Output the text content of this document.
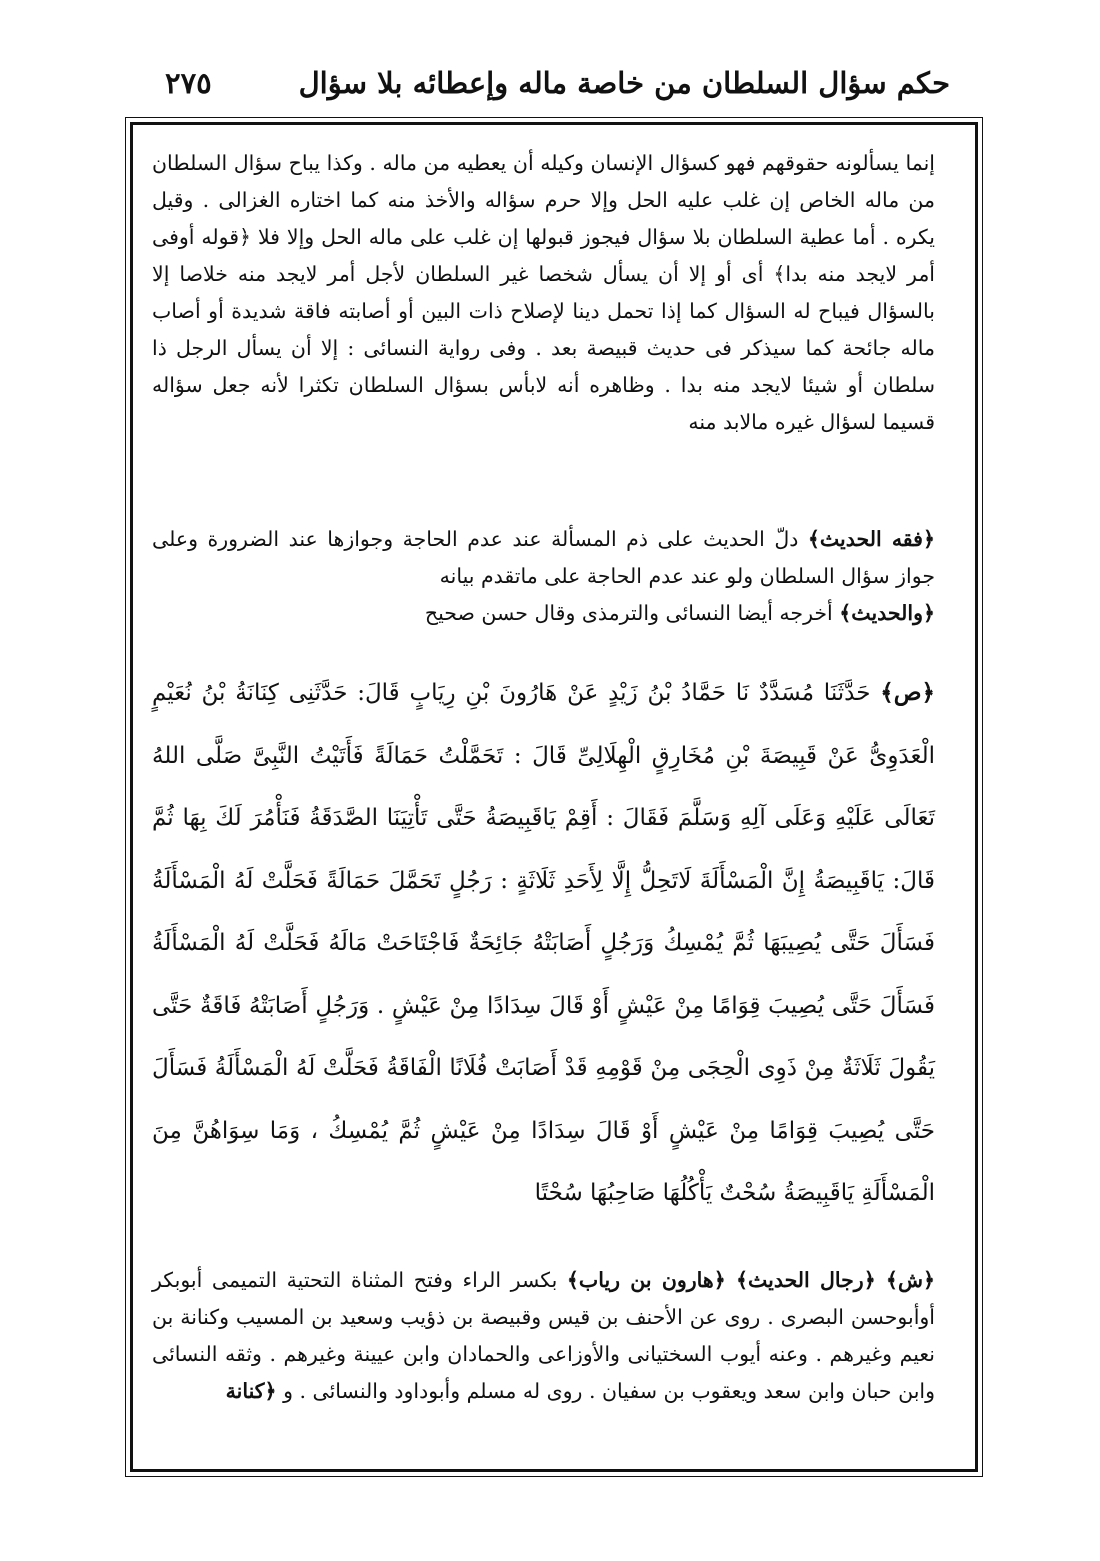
حكم سؤال السلطان من خاصة ماله وإعطائه بلا سؤال
٢٧٥

إنما يسألونه حقوقهم فهو كسؤال الإنسان وكيله أن يعطيه من ماله . وكذا يباح سؤال السلطان من ماله الخاص إن غلب عليه الحل وإلا حرم سؤاله والأخذ منه كما اختاره الغزالى . وقيل يكره . أما عطية السلطان بلا سؤال فيجوز قبولها إن غلب على ماله الحل وإلا فلا ﴿قوله أوفى أمر لايجد منه بدا﴾ أى أو إلا أن يسأل شخصا غير السلطان لأجل أمر لايجد منه خلاصا إلا بالسؤال فيباح له السؤال كما إذا تحمل دينا لإصلاح ذات البين أو أصابته فاقة شديدة أو أصاب ماله جائحة كما سيذكر فى حديث قبيصة بعد . وفى رواية النسائى : إلا أن يسأل الرجل ذا سلطان أو شيئا لايجد منه بدا . وظاهره أنه لابأس بسؤال السلطان تكثرا لأنه جعل سؤاله قسيما لسؤال غيره مالابد منه

﴿فقه الحديث﴾ دلّ الحديث على ذم المسألة عند عدم الحاجة وجوازها عند الضرورة وعلى جواز سؤال السلطان ولو عند عدم الحاجة على ماتقدم بيانه

﴿والحديث﴾ أخرجه أيضا النسائى والترمذى وقال حسن صحيح

﴿ص﴾ حَدَّثَنَا مُسَدَّدٌ نَا حَمَّادُ بْنُ زَيْدٍ عَنْ هَارُونَ بْنِ رِيَابٍ قَالَ: حَدَّثَنِى كِنَانَةُ بْنُ نُعَيْمٍ الْعَدَوِىُّ عَنْ قَبِيصَةَ بْنِ مُخَارِقٍ الْهِلَالِىِّ قَالَ : تَحَمَّلْتُ حَمَالَةً فَأَتَيْتُ النَّبِىَّ صَلَّى اللهُ تَعَالَى عَلَيْهِ وَعَلَى آلِهِ وَسَلَّمَ فَقَالَ : أَقِمْ يَاقَبِيصَةُ حَتَّى تَأْتِيَنَا الصَّدَقَةُ فَنَأْمُرَ لَكَ بِهَا ثُمَّ قَالَ: يَاقَبِيصَةُ إِنَّ الْمَسْأَلَةَ لَاتَحِلُّ إِلَّا لِأَحَدِ ثَلَاثَةٍ : رَجُلٍ تَحَمَّلَ حَمَالَةً فَحَلَّتْ لَهُ الْمَسْأَلَةُ فَسَأَلَ حَتَّى يُصِيبَهَا ثُمَّ يُمْسِكُ وَرَجُلٍ أَصَابَتْهُ جَائِحَةٌ فَاجْتَاحَتْ مَالَهُ فَحَلَّتْ لَهُ الْمَسْأَلَةُ فَسَأَلَ حَتَّى يُصِيبَ قِوَامًا مِنْ عَيْشٍ أَوْ قَالَ سِدَادًا مِنْ عَيْشٍ . وَرَجُلٍ أَصَابَتْهُ فَاقَةٌ حَتَّى يَقُولَ ثَلَاثَةٌ مِنْ ذَوِى الْحِجَى مِنْ قَوْمِهِ قَدْ أَصَابَتْ فُلَانًا الْفَاقَةُ فَحَلَّتْ لَهُ الْمَسْأَلَةُ فَسَأَلَ حَتَّى يُصِيبَ قِوَامًا مِنْ عَيْشٍ أَوْ قَالَ سِدَادًا مِنْ عَيْشٍ ثُمَّ يُمْسِكُ ، وَمَا سِوَاهُنَّ مِنَ الْمَسْأَلَةِ يَاقَبِيصَةُ سُحْتٌ يَأْكُلُهَا صَاحِبُهَا سُحْتًا

﴿ش﴾ ﴿رجال الحديث﴾ ﴿هارون بن رياب﴾ بكسر الراء وفتح المثناة التحتية التميمى أبوبكر أوأبوحسن البصرى . روى عن الأحنف بن قيس وقبيصة بن ذؤيب وسعيد بن المسيب وكنانة بن نعيم وغيرهم . وعنه أيوب السختيانى والأوزاعى والحمادان وابن عيينة وغيرهم . وثقه النسائى وابن حبان وابن سعد ويعقوب بن سفيان . روى له مسلم وأبوداود والنسائى . و ﴿كنانة
